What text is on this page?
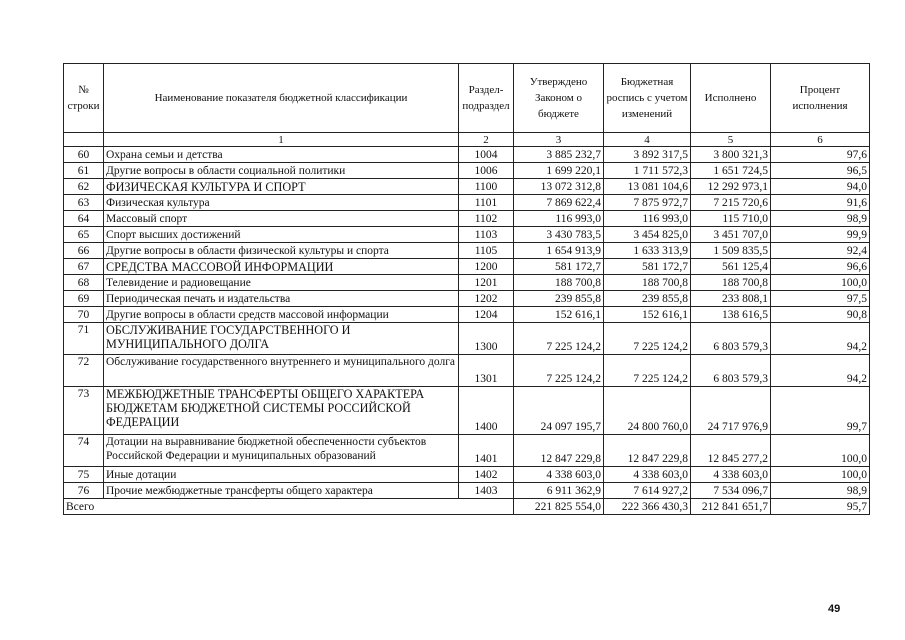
№ строки	Наименование показателя бюджетной классификации	Раздел-подраздел	Утверждено Законом о бюджете	Бюджетная роспись с учетом изменений	Исполнено	Процент исполнения
	1	2	3	4	5	6
60	Охрана семьи и детства	1004	3 885 232,7	3 892 317,5	3 800 321,3	97,6
61	Другие вопросы в области социальной политики	1006	1 699 220,1	1 711 572,3	1 651 724,5	96,5
62	ФИЗИЧЕСКАЯ КУЛЬТУРА И СПОРТ	1100	13 072 312,8	13 081 104,6	12 292 973,1	94,0
63	Физическая культура	1101	7 869 622,4	7 875 972,7	7 215 720,6	91,6
64	Массовый спорт	1102	116 993,0	116 993,0	115 710,0	98,9
65	Спорт высших достижений	1103	3 430 783,5	3 454 825,0	3 451 707,0	99,9
66	Другие вопросы в области физической культуры и спорта	1105	1 654 913,9	1 633 313,9	1 509 835,5	92,4
67	СРЕДСТВА МАССОВОЙ ИНФОРМАЦИИ	1200	581 172,7	581 172,7	561 125,4	96,6
68	Телевидение и радиовещание	1201	188 700,8	188 700,8	188 700,8	100,0
69	Периодическая печать и издательства	1202	239 855,8	239 855,8	233 808,1	97,5
70	Другие вопросы в области средств массовой информации	1204	152 616,1	152 616,1	138 616,5	90,8
71	ОБСЛУЖИВАНИЕ ГОСУДАРСТВЕННОГО И МУНИЦИПАЛЬНОГО ДОЛГА	1300	7 225 124,2	7 225 124,2	6 803 579,3	94,2
72	Обслуживание государственного внутреннего и муниципального долга	1301	7 225 124,2	7 225 124,2	6 803 579,3	94,2
73	МЕЖБЮДЖЕТНЫЕ ТРАНСФЕРТЫ ОБЩЕГО ХАРАКТЕРА БЮДЖЕТАМ БЮДЖЕТНОЙ СИСТЕМЫ РОССИЙСКОЙ ФЕДЕРАЦИИ	1400	24 097 195,7	24 800 760,0	24 717 976,9	99,7
74	Дотации на выравнивание бюджетной обеспеченности субъектов Российской Федерации и муниципальных образований	1401	12 847 229,8	12 847 229,8	12 845 277,2	100,0
75	Иные дотации	1402	4 338 603,0	4 338 603,0	4 338 603,0	100,0
76	Прочие межбюджетные трансферты общего характера	1403	6 911 362,9	7 614 927,2	7 534 096,7	98,9
Всего			221 825 554,0	222 366 430,3	212 841 651,7	95,7
49
